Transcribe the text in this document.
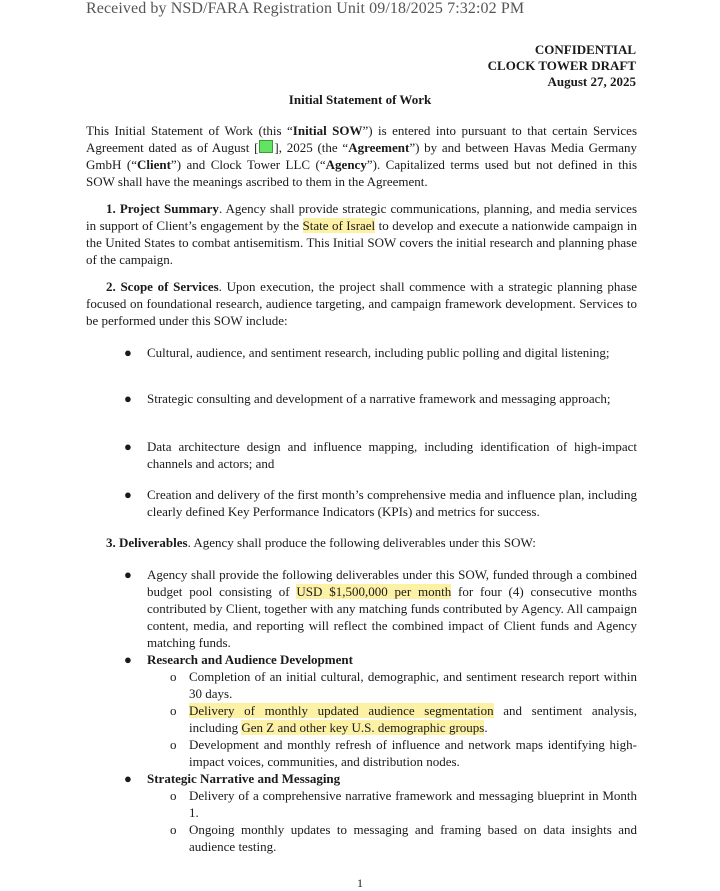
Received by NSD/FARA Registration Unit 09/18/2025 7:32:02 PM
CONFIDENTIAL
CLOCK TOWER DRAFT
August 27, 2025
Initial Statement of Work
This Initial Statement of Work (this “Initial SOW”) is entered into pursuant to that certain Services Agreement dated as of August [ ], 2025 (the “Agreement”) by and between Havas Media Germany GmbH (“Client”) and Clock Tower LLC (“Agency”). Capitalized terms used but not defined in this SOW shall have the meanings ascribed to them in the Agreement.

1. Project Summary. Agency shall provide strategic communications, planning, and media services in support of Client’s engagement by the State of Israel to develop and execute a nationwide campaign in the United States to combat antisemitism. This Initial SOW covers the initial research and planning phase of the campaign.

2. Scope of Services. Upon execution, the project shall commence with a strategic planning phase focused on foundational research, audience targeting, and campaign framework development. Services to be performed under this SOW include:

● Cultural, audience, and sentiment research, including public polling and digital listening;
● Strategic consulting and development of a narrative framework and messaging approach;
● Data architecture design and influence mapping, including identification of high-impact channels and actors; and
● Creation and delivery of the first month’s comprehensive media and influence plan, including clearly defined Key Performance Indicators (KPIs) and metrics for success.

3. Deliverables. Agency shall produce the following deliverables under this SOW:

● Agency shall provide the following deliverables under this SOW, funded through a combined budget pool consisting of USD $1,500,000 per month for four (4) consecutive months contributed by Client, together with any matching funds contributed by Agency. All campaign content, media, and reporting will reflect the combined impact of Client funds and Agency matching funds.
● Research and Audience Development
o Completion of an initial cultural, demographic, and sentiment research report within 30 days.
o Delivery of monthly updated audience segmentation and sentiment analysis, including Gen Z and other key U.S. demographic groups.
o Development and monthly refresh of influence and network maps identifying high-impact voices, communities, and distribution nodes.
● Strategic Narrative and Messaging
o Delivery of a comprehensive narrative framework and messaging blueprint in Month 1.
o Ongoing monthly updates to messaging and framing based on data insights and audience testing.
1
